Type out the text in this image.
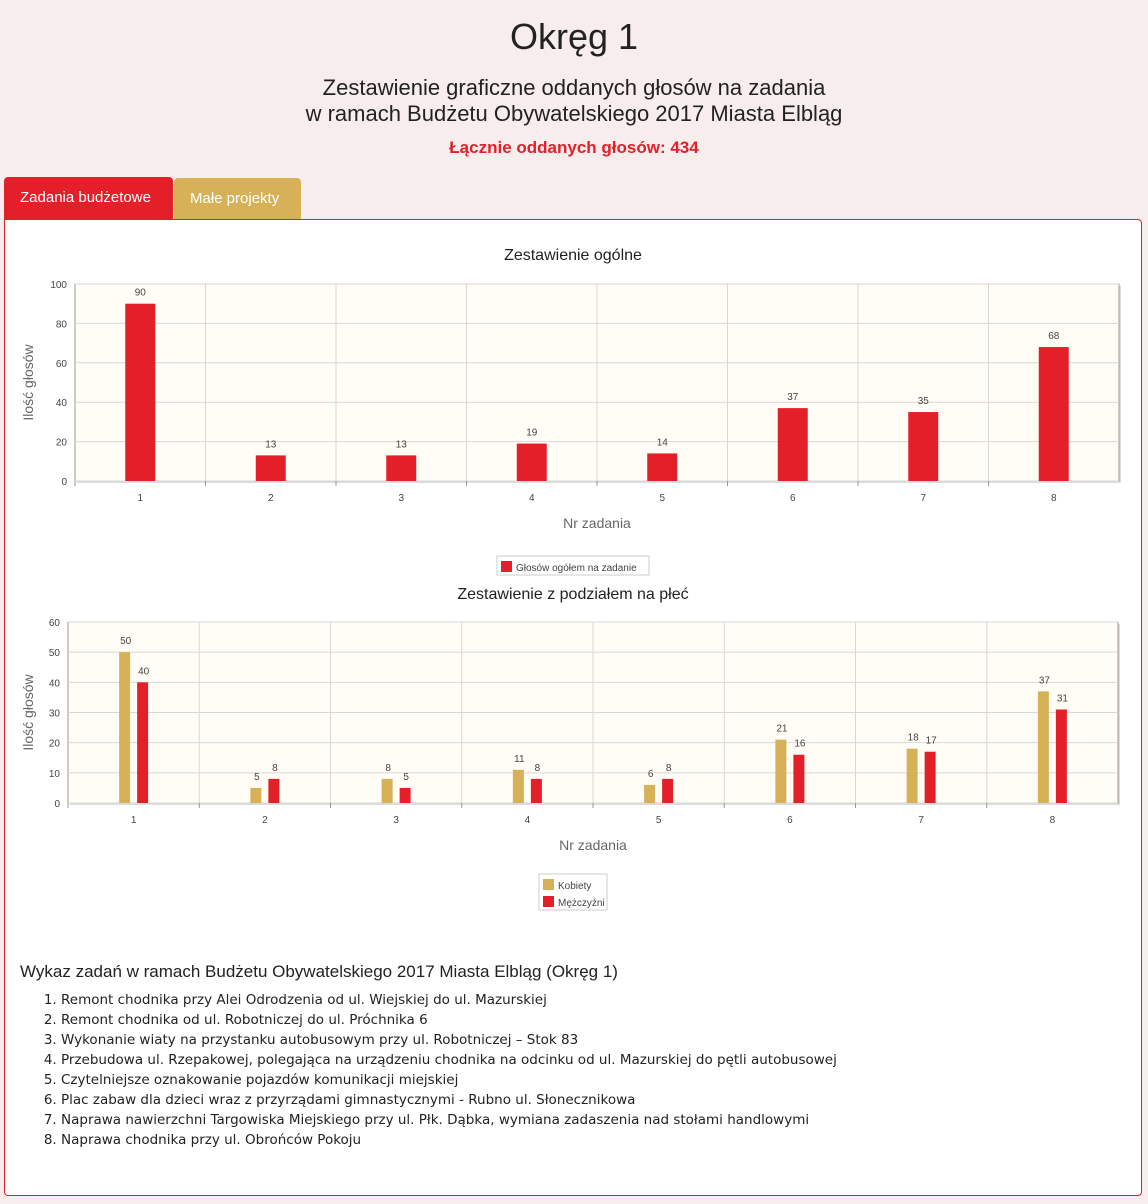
Okręg 1
Zestawienie graficzne oddanych głosów na zadania
w ramach Budżetu Obywatelskiego 2017 Miasta Elbląg
Łącznie oddanych głosów: 434
Zadania budżetowe	Małe projekty
Zestawienie ogólne
0
20
40
60
80
100
1	2	3	4	5	6	7	8
90
13	13
19
14
37	35
68
Nr zadania
Ilość głosów
Głosów ogółem na zadanie
Zestawienie z podziałem na płeć
0
10
20
30
40
50
60
1	2	3	4	5	6	7	8
50
5
8
11
6
21
18
37
40
8
5
8	8
16	17
31
Nr zadania
Ilość głosów
Kobiety
Mężczyźni
Wykaz zadań w ramach Budżetu Obywatelskiego 2017 Miasta Elbląg (Okręg 1)
1. Remont chodnika przy Alei Odrodzenia od ul. Wiejskiej do ul. Mazurskiej
2. Remont chodnika od ul. Robotniczej do ul. Próchnika 6
3. Wykonanie wiaty na przystanku autobusowym przy ul. Robotniczej – Stok 83
4. Przebudowa ul. Rzepakowej, polegająca na urządzeniu chodnika na odcinku od ul. Mazurskiej do pętli autobusowej
5. Czytelniejsze oznakowanie pojazdów komunikacji miejskiej
6. Plac zabaw dla dzieci wraz z przyrządami gimnastycznymi - Rubno ul. Słonecznikowa
7. Naprawa nawierzchni Targowiska Miejskiego przy ul. Płk. Dąbka, wymiana zadaszenia nad stołami handlowymi
8. Naprawa chodnika przy ul. Obrońców Pokoju
